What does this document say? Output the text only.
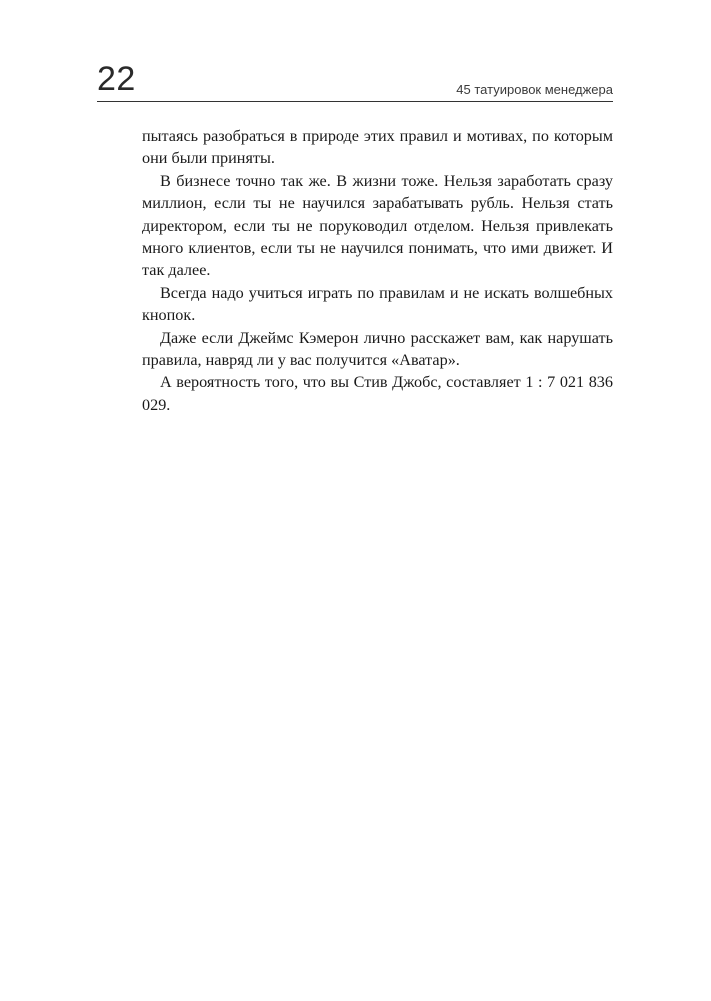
22	45 татуировок менеджера

пытаясь разобраться в природе этих правил и мотивах, по которым они были приняты.

В бизнесе точно так же. В жизни тоже. Нельзя заработать сразу миллион, если ты не научился зарабатывать рубль. Нельзя стать директором, если ты не поруководил отделом. Нельзя привлекать много клиентов, если ты не научился понимать, что ими движет. И так далее.

Всегда надо учиться играть по правилам и не искать волшебных кнопок.

Даже если Джеймс Кэмерон лично расскажет вам, как нарушать правила, навряд ли у вас получится «Аватар».

А вероятность того, что вы Стив Джобс, составляет 1 : 7 021 836 029.
